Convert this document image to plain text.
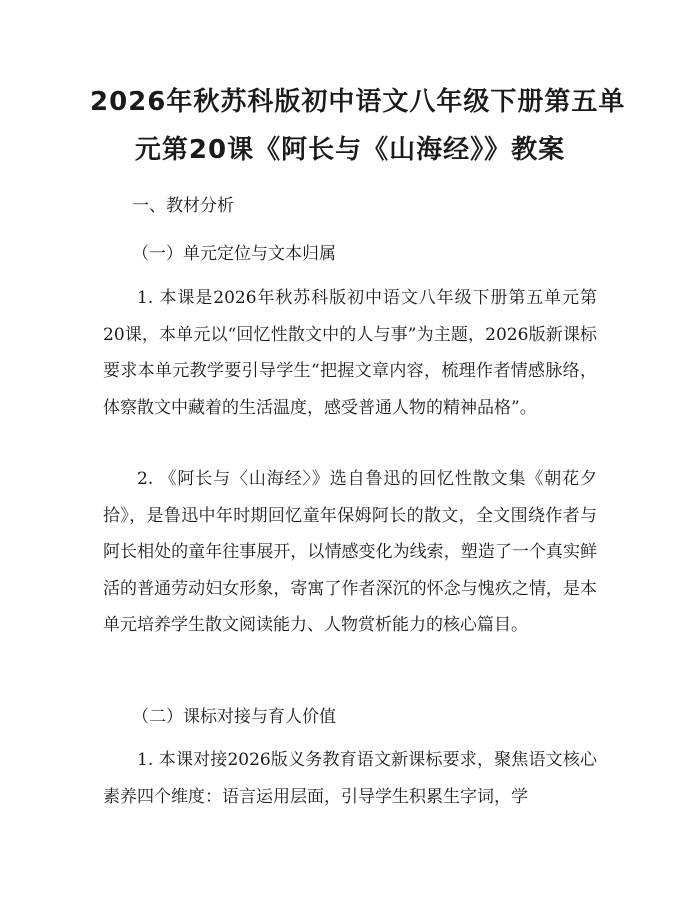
2026年秋苏科版初中语文八年级下册第五单
元第20课《阿长与《山海经》》教案
一、教材分析
（一）单元定位与文本归属

1. 本课是2026年秋苏科版初中语文八年级下册第五单元第20课，本单元以“回忆性散文中的人与事”为主题，2026版新课标要求本单元教学要引导学生“把握文章内容，梳理作者情感脉络，体察散文中藏着的生活温度，感受普通人物的精神品格”。

2. 《阿长与〈山海经〉》选自鲁迅的回忆性散文集《朝花夕拾》，是鲁迅中年时期回忆童年保姆阿长的散文，全文围绕作者与阿长相处的童年往事展开，以情感变化为线索，塑造了一个真实鲜活的普通劳动妇女形象，寄寓了作者深沉的怀念与愧疚之情，是本单元培养学生散文阅读能力、人物赏析能力的核心篇目。

（二）课标对接与育人价值

1. 本课对接2026版义务教育语文新课标要求，聚焦语文核心素养四个维度：语言运用层面，引导学生积累生字词，学
